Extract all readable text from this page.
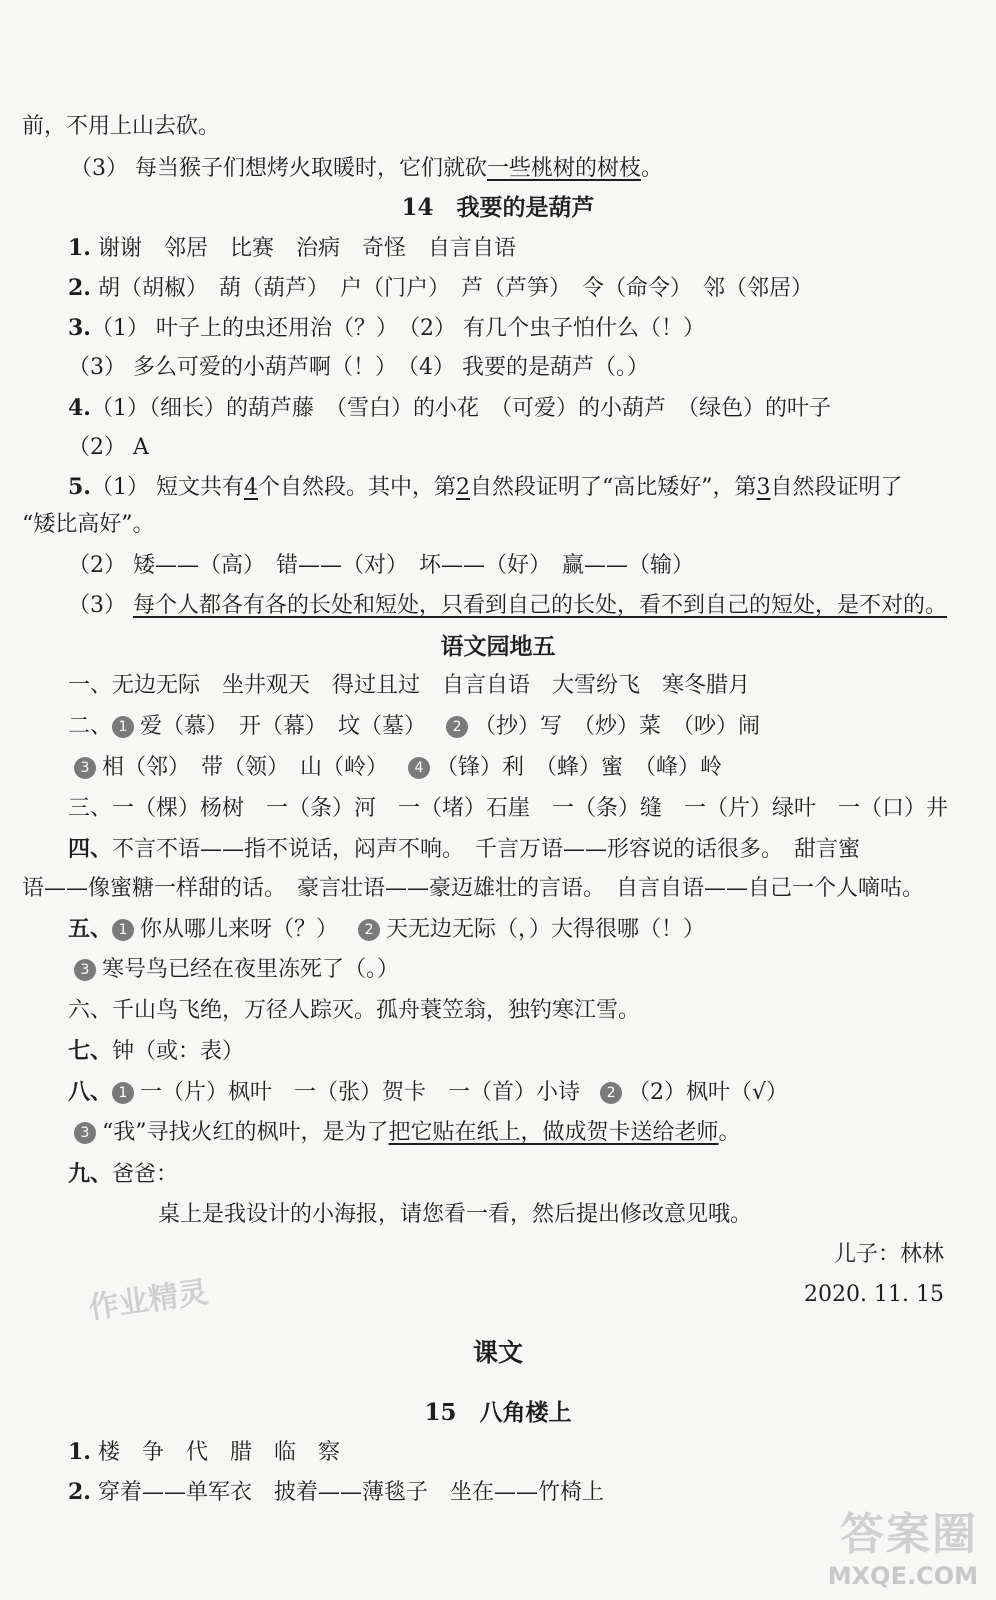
前，不用上山去砍。
（3） 每当猴子们想烤火取暖时，它们就砍一些桃树的树枝。
14　我要的是葫芦
1. 谢谢　邻居　比赛　治病　奇怪　自言自语
2. 胡（胡椒）　葫（葫芦）　户（门户）　芦（芦笋）　令（命令）　邻（邻居）
3.（1） 叶子上的虫还用治（？）　（2） 有几个虫子怕什么（！）
（3） 多么可爱的小葫芦啊（！）　（4） 我要的是葫芦（。）
4.（1）（细长）的葫芦藤　（雪白）的小花　（可爱）的小葫芦　（绿色）的叶子
（2） A
5.（1） 短文共有4个自然段。其中，第2自然段证明了“高比矮好”，第3自然段证明了
“矮比高好”。
（2） 矮——（高）　错——（对）　坏——（好）　赢——（输）
（3） 每个人都各有各的长处和短处，只看到自己的长处，看不到自己的短处，是不对的。
语文园地五
一、无边无际　坐井观天　得过且过　自言自语　大雪纷飞　寒冬腊月
二、 1 爱（慕）　开（幕）　坟（墓） 2 （抄）写　（炒）菜　（吵）闹
3 相（邻）　带（领）　山（岭） 4 （锋）利　（蜂）蜜　（峰）岭
三、一（棵）杨树　一（条）河　一（堵）石崖　一（条）缝　一（片）绿叶　一（口）井
四、不言不语——指不说话，闷声不响。　千言万语——形容说的话很多。　甜言蜜
语——像蜜糖一样甜的话。　豪言壮语——豪迈雄壮的言语。　自言自语——自己一个人嘀咕。
五、 1 你从哪儿来呀（？） 2 天无边无际（，）大得很哪（！）
3 寒号鸟已经在夜里冻死了（。）
六、千山鸟飞绝，万径人踪灭。孤舟蓑笠翁，独钓寒江雪。
七、钟（或：表）
八、 1 一（片）枫叶　一（张）贺卡　一（首）小诗 2 （2）枫叶（√）
3 “我”寻找火红的枫叶，是为了把它贴在纸上，做成贺卡送给老师。
九、爸爸：
桌上是我设计的小海报，请您看一看，然后提出修改意见哦。
儿子：林林
2020. 11. 15
课文
15　八角楼上
1. 楼　争　代　腊　临　察
2. 穿着——单军衣　披着——薄毯子　坐在——竹椅上
作业精灵
答案圈
MXQE.COM
